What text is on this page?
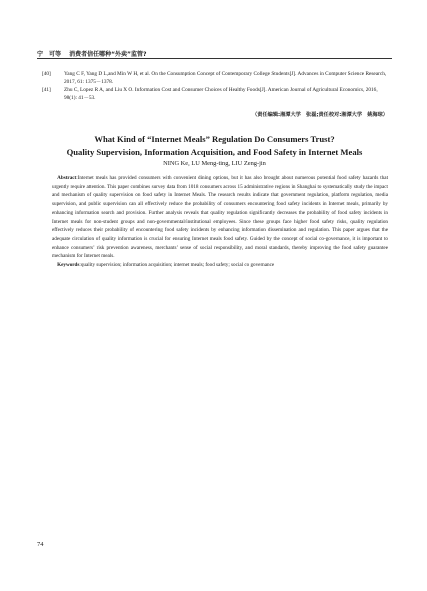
宁　可等 消费者信任哪种“外卖”监管?
[40] Yang C F, Yang D L,and Min W H, et al. On the Consumption Concept of Contemporary College Students[J]. Advances in Computer Science Research, 2017, 61: 1375－1378.
[41] Zhu C, Lopez R A, and Liu X O. Information Cost and Consumer Choices of Healthy Foods[J]. American Journal of Agricultural Economics, 2016, 98(1): 41－53.
（责任编辑:湘潭大学　张磊;责任校对:湘潭大学　姚海琼）
What Kind of “Internet Meals” Regulation Do Consumers Trust?
Quality Supervision, Information Acquisition, and Food Safety in Internet Meals
NING Ke, LU Meng-ting, LIU Zeng-jin
 Abstract:Internet meals has provided consumers with convenient dining options, but it has also brought about numerous potential food safety hazards that urgently require attention. This paper combines survey data from 1018 consumers across 15 administrative regions in Shanghai to systematically study the impact and mechanism of quality supervision on food safety in Internet Meals. The research results indicate that government regulation, platform regulation, media supervision, and public supervision can all effectively reduce the probability of consumers encountering food safety incidents in Internet meals, primarily by enhancing information search and provision. Further analysis reveals that quality regulation significantly decreases the probability of food safety incidents in Internet meals for non-student groups and non-governmental/institutional employees. Since these groups face higher food safety risks, quality regulation effectively reduces their probability of encountering food safety incidents by enhancing information dissemination and regulation. This paper argues that the adequate circulation of quality information is crucial for ensuring Internet meals food safety. Guided by the concept of social co-governance, it is important to enhance consumers’ risk prevention awareness, merchants’ sense of social responsibility, and moral standards, thereby improving the food safety guarantee mechanism for Internet meals.
 Keywords:quality supervision; information acquisition; internet meals; food safety; social co governance
74
